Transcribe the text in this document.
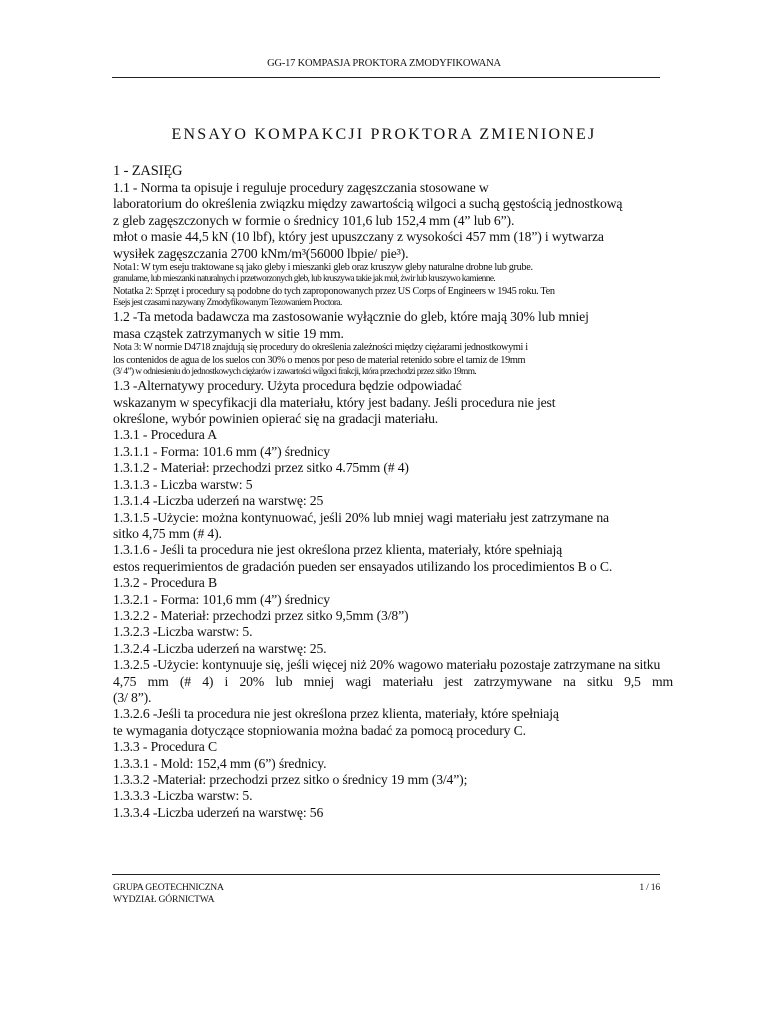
GG-17 KOMPASJA PROKTORA ZMODYFIKOWANA
ENSAYO KOMPAKCJI PROKTORA ZMIENIONEJ
1 - ZASIĘG
1.1 - Norma ta opisuje i reguluje procedury zagęszczania stosowane w
laboratorium do określenia związku między zawartością wilgoci a suchą gęstością jednostkową
z gleb zagęszczonych w formie o średnicy 101,6 lub 152,4 mm (4” lub 6”).
młot o masie 44,5 kN (10 lbf), który jest upuszczany z wysokości 457 mm (18”) i wytwarza
wysiłek zagęszczania 2700 kNm/m³(56000 lbpie/ pie³).
Nota1: W tym eseju traktowane są jako gleby i mieszanki gleb oraz kruszyw gleby naturalne drobne lub grube.
granulame, lub mieszanki naturalnych i przetworzonych gleb, lub kruszywa takie jak muł, żwir lub kruszywo kamienne.
Notatka 2: Sprzęt i procedury są podobne do tych zaproponowanych przez US Corps of Engineers w 1945 roku. Ten
Esejs jest czasami nazywany Zmodyfikowanym Tezowaniem Proctora.
1.2 -Ta metoda badawcza ma zastosowanie wyłącznie do gleb, które mają 30% lub mniej
masa cząstek zatrzymanych w sitie 19 mm.
Nota 3: W normie D4718 znajdują się procedury do określenia zależności między ciężarami jednostkowymi i
los contenidos de agua de los suelos con 30% o menos por peso de material retenido sobre el tamiz de 19mm
(3/ 4”) w odniesieniu do jednostkowych ciężarów i zawartości wilgoci frakcji, która przechodzi przez sitko 19mm.
1.3 -Alternatywy procedury. Użyta procedura będzie odpowiadać
wskazanym w specyfikacji dla materiału, który jest badany. Jeśli procedura nie jest
określone, wybór powinien opierać się na gradacji materiału.
1.3.1 - Procedura A
1.3.1.1 - Forma: 101.6 mm (4”) średnicy
1.3.1.2 - Materiał: przechodzi przez sitko 4.75mm (# 4)
1.3.1.3 - Liczba warstw: 5
1.3.1.4 -Liczba uderzeń na warstwę: 25
1.3.1.5 -Użycie: można kontynuować, jeśli 20% lub mniej wagi materiału jest zatrzymane na
sitko 4,75 mm (# 4).
1.3.1.6 - Jeśli ta procedura nie jest określona przez klienta, materiały, które spełniają
estos requerimientos de gradación pueden ser ensayados utilizando los procedimientos B o C.
1.3.2 - Procedura B
1.3.2.1 - Forma: 101,6 mm (4”) średnicy
1.3.2.2 - Materiał: przechodzi przez sitko 9,5mm (3/8”)
1.3.2.3 -Liczba warstw: 5.
1.3.2.4 -Liczba uderzeń na warstwę: 25.
1.3.2.5 -Użycie: kontynuuje się, jeśli więcej niż 20% wagowo materiału pozostaje zatrzymane na sitku
4,75 mm (# 4) i 20% lub mniej wagi materiału jest zatrzymywane na sitku 9,5 mm
(3/ 8”).
1.3.2.6 -Jeśli ta procedura nie jest określona przez klienta, materiały, które spełniają
te wymagania dotyczące stopniowania można badać za pomocą procedury C.
1.3.3 - Procedura C
1.3.3.1 - Mold: 152,4 mm (6”) średnicy.
1.3.3.2 -Materiał: przechodzi przez sitko o średnicy 19 mm (3/4”);
1.3.3.3 -Liczba warstw: 5.
1.3.3.4 -Liczba uderzeń na warstwę: 56
GRUPA GEOTECHNICZNA
WYDZIAŁ GÓRNICTWA
1 / 16
